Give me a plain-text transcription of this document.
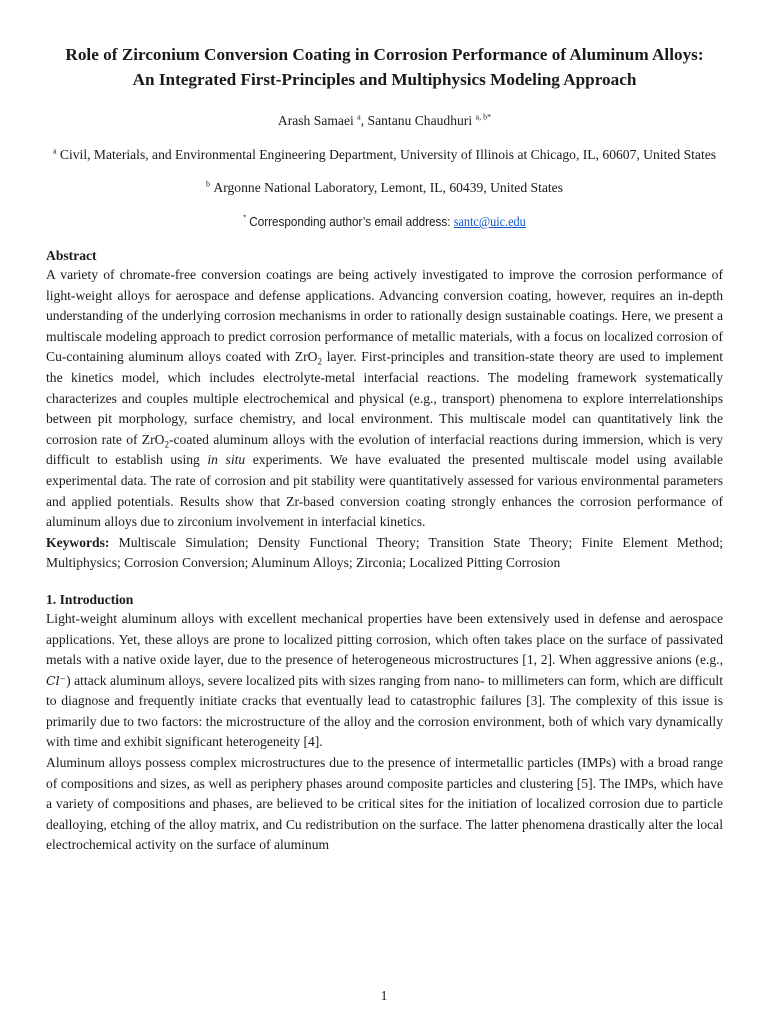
Role of Zirconium Conversion Coating in Corrosion Performance of Aluminum Alloys:
An Integrated First-Principles and Multiphysics Modeling Approach
Arash Samaei $^a$, Santanu Chaudhuri $^{a, b*}$
$^a$ Civil, Materials, and Environmental Engineering Department, University of Illinois at Chicago, IL, 60607, United States
$^b$ Argonne National Laboratory, Lemont, IL, 60439, United States
* Corresponding author’s email address: santc@uic.edu
Abstract

A variety of chromate-free conversion coatings are being actively investigated to improve the corrosion performance of light-weight alloys for aerospace and defense applications. Advancing conversion coating, however, requires an in-depth understanding of the underlying corrosion mechanisms in order to rationally design sustainable coatings. Here, we present a multiscale modeling approach to predict corrosion performance of metallic materials, with a focus on localized corrosion of Cu-containing aluminum alloys coated with ZrO$_2$ layer. First-principles and transition-state theory are used to implement the kinetics model, which includes electrolyte-metal interfacial reactions. The modeling framework systematically characterizes and couples multiple electrochemical and physical (e.g., transport) phenomena to explore interrelationships between pit morphology, surface chemistry, and local environment. This multiscale model can quantitatively link the corrosion rate of ZrO$_2$-coated aluminum alloys with the evolution of interfacial reactions during immersion, which is very difficult to establish using in situ experiments. We have evaluated the presented multiscale model using available experimental data. The rate of corrosion and pit stability were quantitatively assessed for various environmental parameters and applied potentials. Results show that Zr-based conversion coating strongly enhances the corrosion performance of aluminum alloys due to zirconium involvement in interfacial kinetics.

Keywords: Multiscale Simulation; Density Functional Theory; Transition State Theory; Finite Element Method; Multiphysics; Corrosion Conversion; Aluminum Alloys; Zirconia; Localized Pitting Corrosion

1. Introduction

Light-weight aluminum alloys with excellent mechanical properties have been extensively used in defense and aerospace applications. Yet, these alloys are prone to localized pitting corrosion, which often takes place on the surface of passivated metals with a native oxide layer, due to the presence of heterogeneous microstructures [1, 2]. When aggressive anions (e.g., Cl⁻) attack aluminum alloys, severe localized pits with sizes ranging from nano- to millimeters can form, which are difficult to diagnose and frequently initiate cracks that eventually lead to catastrophic failures [3]. The complexity of this issue is primarily due to two factors: the microstructure of the alloy and the corrosion environment, both of which vary dynamically with time and exhibit significant heterogeneity [4].

Aluminum alloys possess complex microstructures due to the presence of intermetallic particles (IMPs) with a broad range of compositions and sizes, as well as periphery phases around composite particles and clustering [5]. The IMPs, which have a variety of compositions and phases, are believed to be critical sites for the initiation of localized corrosion due to particle dealloying, etching of the alloy matrix, and Cu redistribution on the surface. The latter phenomena drastically alter the local electrochemical activity on the surface of aluminum

1
